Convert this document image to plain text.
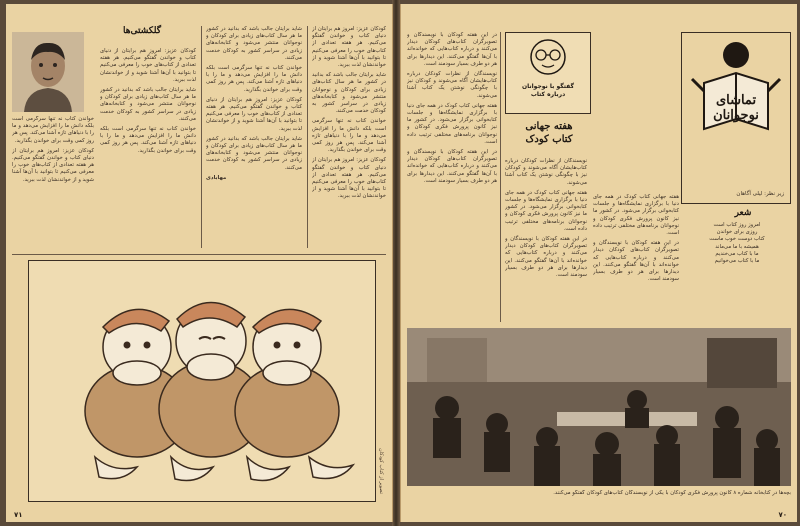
کودکان عزیز: امروز هم برایتان از دنیای کتاب و خواندن گفتگو می‌کنیم. هر هفته تعدادی از کتاب‌های خوب را معرفی می‌کنیم تا بتوانید با آن‌ها آشنا شوید و از خواندنشان لذت ببرید.

شاید برایتان جالب باشد که بدانید در کشور ما هر سال کتاب‌های زیادی برای کودکان و نوجوانان منتشر می‌شود و کتابخانه‌های زیادی در سراسر کشور به کودکان خدمت می‌کنند.

خواندن کتاب نه تنها سرگرمی است بلکه دانش ما را افزایش می‌دهد و ما را با دنیاهای تازه آشنا می‌کند. پس هر روز کمی وقت برای خواندن بگذارید.

کودکان عزیز: امروز هم برایتان از دنیای کتاب و خواندن گفتگو می‌کنیم. هر هفته تعدادی از کتاب‌های خوب را معرفی می‌کنیم تا بتوانید با آن‌ها آشنا شوید و از خواندنشان لذت ببرید.

شاید برایتان جالب باشد که بدانید در کشور ما هر سال کتاب‌های زیادی برای کودکان و نوجوانان منتشر می‌شود و کتابخانه‌های زیادی در سراسر کشور به کودکان خدمت می‌کنند.

خواندن کتاب نه تنها سرگرمی است بلکه دانش ما را افزایش می‌دهد و ما را با دنیاهای تازه آشنا می‌کند. پس هر روز کمی وقت برای خواندن بگذارید.

کودکان عزیز: امروز هم برایتان از دنیای کتاب و خواندن گفتگو می‌کنیم. هر هفته تعدادی از کتاب‌های خوب را معرفی می‌کنیم تا بتوانید با آن‌ها آشنا شوید و از خواندنشان لذت ببرید.

شاید برایتان جالب باشد که بدانید در کشور ما هر سال کتاب‌های زیادی برای کودکان و نوجوانان منتشر می‌شود و کتابخانه‌های زیادی در سراسر کشور به کودکان خدمت می‌کنند.

مهابادی

خواندن کتاب نه تنها سرگرمی است بلکه دانش ما را افزایش می‌دهد و ما را با دنیاهای تازه آشنا می‌کند. پس هر روز کمی وقت برای خواندن بگذارید.

کودکان عزیز: امروز هم برایتان از دنیای کتاب و خواندن گفتگو می‌کنیم. هر هفته تعدادی از کتاب‌های خوب را معرفی می‌کنیم تا بتوانید با آن‌ها آشنا شوید و از خواندنشان لذت ببرید.

کودکان عزیز: امروز هم برایتان از دنیای کتاب و خواندن گفتگو می‌کنیم. هر هفته تعدادی از کتاب‌های خوب را معرفی می‌کنیم تا بتوانید با آن‌ها آشنا شوید و از خواندنشان لذت ببرید.

شاید برایتان جالب باشد که بدانید در کشور ما هر سال کتاب‌های زیادی برای کودکان و نوجوانان منتشر می‌شود و کتابخانه‌های زیادی در سراسر کشور به کودکان خدمت می‌کنند.

خواندن کتاب نه تنها سرگرمی است بلکه دانش ما را افزایش می‌دهد و ما را با دنیاهای تازه آشنا می‌کند. پس هر روز کمی وقت برای خواندن بگذارید.

گلکشتی‌ها
تصویر از کتاب کودکان
۷۱
تماشای
نوجوانان
زیر نظر: لیلی آگاهان
شعر
امروز روز کتاب است
روزی برای خواندن
کتاب دوست خوب ماست
همیشه با ما می‌ماند
ما با کتاب می‌خندیم
ما با کتاب می‌خوانیم

هفته جهانی کتاب کودک در همه جای دنیا با برگزاری نمایشگاه‌ها و جلسات کتابخوانی برگزار می‌شود. در کشور ما نیز کانون پرورش فکری کودکان و نوجوانان برنامه‌های مختلفی ترتیب داده است.

در این هفته کودکان با نویسندگان و تصویرگران کتاب‌های کودکان دیدار می‌کنند و درباره کتاب‌هایی که خوانده‌اند با آن‌ها گفتگو می‌کنند. این دیدارها برای هر دو طرف بسیار سودمند است.

گفتگو با نوجوانان
درباره کتاب
هفته جهانی
کتاب کودک

نویسندگان از نظرات کودکان درباره کتاب‌هایشان آگاه می‌شوند و کودکان نیز با چگونگی نوشتن یک کتاب آشنا می‌شوند.

هفته جهانی کتاب کودک در همه جای دنیا با برگزاری نمایشگاه‌ها و جلسات کتابخوانی برگزار می‌شود. در کشور ما نیز کانون پرورش فکری کودکان و نوجوانان برنامه‌های مختلفی ترتیب داده است.

در این هفته کودکان با نویسندگان و تصویرگران کتاب‌های کودکان دیدار می‌کنند و درباره کتاب‌هایی که خوانده‌اند با آن‌ها گفتگو می‌کنند. این دیدارها برای هر دو طرف بسیار سودمند است.

در این هفته کودکان با نویسندگان و تصویرگران کتاب‌های کودکان دیدار می‌کنند و درباره کتاب‌هایی که خوانده‌اند با آن‌ها گفتگو می‌کنند. این دیدارها برای هر دو طرف بسیار سودمند است.

نویسندگان از نظرات کودکان درباره کتاب‌هایشان آگاه می‌شوند و کودکان نیز با چگونگی نوشتن یک کتاب آشنا می‌شوند.

هفته جهانی کتاب کودک در همه جای دنیا با برگزاری نمایشگاه‌ها و جلسات کتابخوانی برگزار می‌شود. در کشور ما نیز کانون پرورش فکری کودکان و نوجوانان برنامه‌های مختلفی ترتیب داده است.

در این هفته کودکان با نویسندگان و تصویرگران کتاب‌های کودکان دیدار می‌کنند و درباره کتاب‌هایی که خوانده‌اند با آن‌ها گفتگو می‌کنند. این دیدارها برای هر دو طرف بسیار سودمند است.

بچه‌ها در کتابخانه شماره ۸ کانون پرورش فکری کودکان با یکی از نویسندگان کتاب‌های کودکان گفتگو می‌کنند.
۷۰
